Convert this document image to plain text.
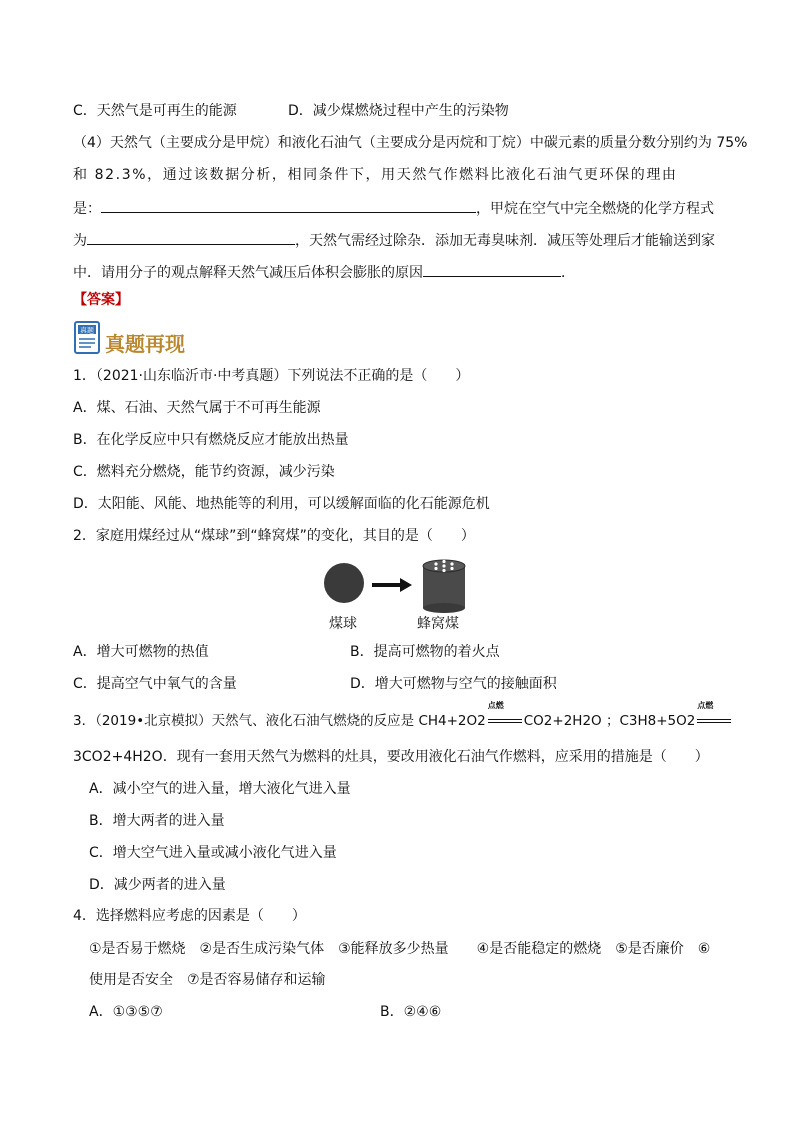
C．天然气是可再生的能源	D．减少煤燃烧过程中产生的污染物
（4）天然气（主要成分是甲烷）和液化石油气（主要成分是丙烷和丁烷）中碳元素的质量分数分别约为 75%
和 82.3%，通过该数据分析，相同条件下，用天然气作燃料比液化石油气更环保的理由
是：	，甲烷在空气中完全燃烧的化学方程式
为	，天然气需经过除杂．添加无毒臭味剂．减压等处理后才能输送到家
中．请用分子的观点解释天然气减压后体积会膨胀的原因	．
【答案】
真题
真题再现
1．（2021·山东临沂市·中考真题）下列说法不正确的是（　　）
A．煤、石油、天然气属于不可再生能源
B．在化学反应中只有燃烧反应才能放出热量
C．燃料充分燃烧，能节约资源，减少污染
D．太阳能、风能、地热能等的利用，可以缓解面临的化石能源危机
2．家庭用煤经过从“煤球”到“蜂窝煤”的变化，其目的是（　　）
煤球	蜂窝煤
A．增大可燃物的热值	B．提高可燃物的着火点
C．提高空气中氧气的含量	D．增大可燃物与空气的接触面积
3．（2019•北京模拟）天然气、液化石油气燃烧的反应是 CH4+2O2
点燃
CO2+2H2O ；C3H8+5O2
点燃
3CO2+4H2O．现有一套用天然气为燃料的灶具，要改用液化石油气作燃料，应采用的措施是（　　）
A．减小空气的进入量，增大液化气进入量
B．增大两者的进入量
C．增大空气进入量或减小液化气进入量
D．减少两者的进入量
4．选择燃料应考虑的因素是（　　）
①是否易于燃烧　②是否生成污染气体　③能释放多少热量　　④是否能稳定的燃烧　⑤是否廉价　⑥
使用是否安全　⑦是否容易储存和运输
A．①③⑤⑦	B．②④⑥
